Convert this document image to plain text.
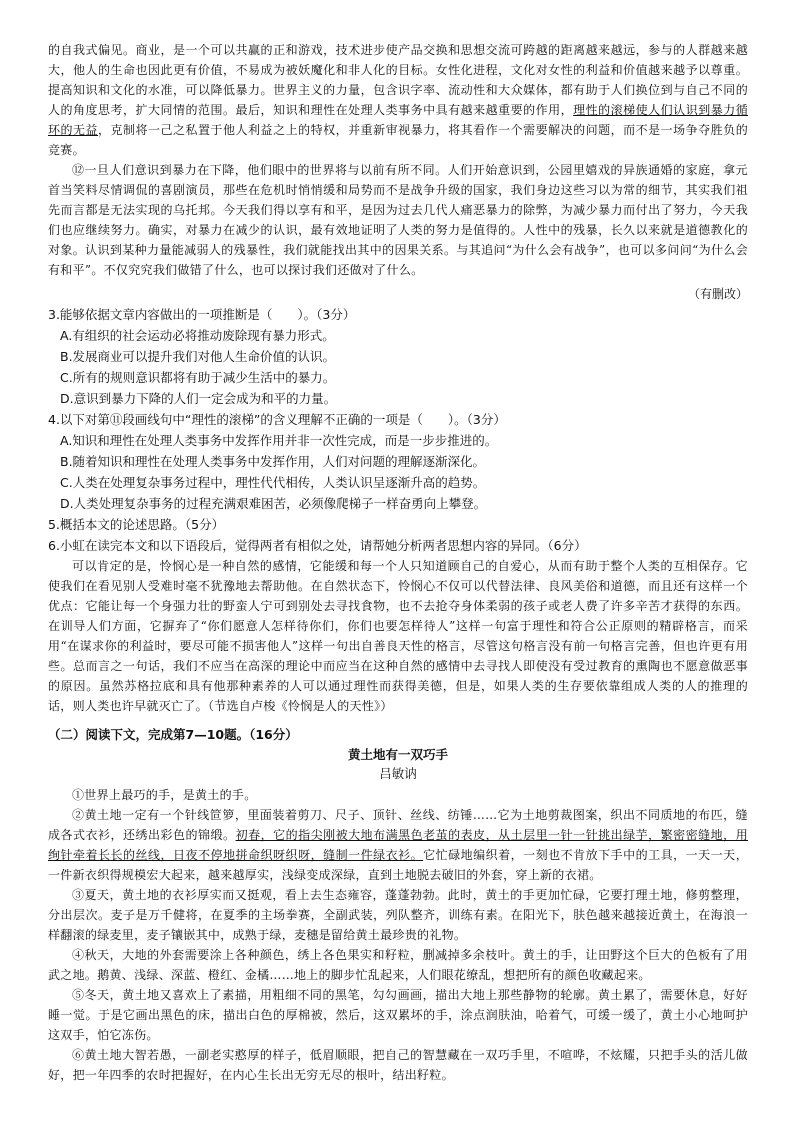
的自我式偏见。商业，是一个可以共赢的正和游戏，技术进步使产品交换和思想交流可跨越的距离越来越远，参与的人群越来越大，他人的生命也因此更有价值，不易成为被妖魔化和非人化的目标。女性化进程，文化对女性的利益和价值越来越予以尊重。提高知识和文化的水准，可以降低暴力。世界主义的力量，包含识字率、流动性和大众媒体，都有助于人们换位到与自己不同的人的角度思考，扩大同情的范围。最后，知识和理性在处理人类事务中具有越来越重要的作用，理性的滚梯使人们认识到暴力循环的无益，克制将一己之私置于他人利益之上的特权，并重新审视暴力，将其看作一个需要解决的问题，而不是一场争夺胜负的竞赛。

⑫一旦人们意识到暴力在下降，他们眼中的世界将与以前有所不同。人们开始意识到，公园里嬉戏的异族通婚的家庭，拿元首当笑料尽情调侃的喜剧演员，那些在危机时悄悄缓和局势而不是战争升级的国家，我们身边这些习以为常的细节，其实我们祖先而言都是无法实现的乌托邦。今天我们得以享有和平，是因为过去几代人痛恶暴力的除弊，为减少暴力而付出了努力，今天我们也应继续努力。确实，对暴力在减少的认识，最有效地证明了人类的努力是值得的。人性中的残暴，长久以来就是道德教化的对象。认识到某种力量能减弱人的残暴性，我们就能找出其中的因果关系。与其追问“为什么会有战争”，也可以多问问“为什么会有和平”。不仅究究我们做错了什么，也可以探讨我们还做对了什么。

（有删改）

3.能够依据文章内容做出的一项推断是（　　）。（3分）

A.有组织的社会运动必将推动废除现有暴力形式。

B.发展商业可以提升我们对他人生命价值的认识。

C.所有的规则意识都将有助于减少生活中的暴力。

D.意识到暴力下降的人们一定会成为和平的力量。

4.以下对第⑪段画线句中“理性的滚梯”的含义理解不正确的一项是（　　）。（3分）

A.知识和理性在处理人类事务中发挥作用并非一次性完成，而是一步步推进的。

B.随着知识和理性在处理人类事务中发挥作用，人们对问题的理解逐渐深化。

C.人类在处理复杂事务过程中，理性代代相传，人类认识呈逐渐升高的趋势。

D.人类处理复杂事务的过程充满艰难困苦，必须像爬梯子一样奋勇向上攀登。

5.概括本文的论述思路。（5分）

6.小虹在读完本文和以下语段后，觉得两者有相似之处，请帮她分析两者思想内容的异同。（6分）

可以肯定的是，怜悯心是一种自然的感情，它能缓和每一个人只知道顾自己的自爱心，从而有助于整个人类的互相保存。它使我们在看见别人受难时毫不犹豫地去帮助他。在自然状态下，怜悯心不仅可以代替法律、良风美俗和道德，而且还有这样一个优点：它能让每一个身强力壮的野蛮人宁可到别处去寻找食物，也不去抢夺身体柔弱的孩子或老人费了许多辛苦才获得的东西。在训导人们方面，它摒弃了“你们愿意人怎样待你们，你们也要怎样待人”这样一句富于理性和符合公正原则的精辟格言，而采用“在谋求你的利益时，要尽可能不损害他人”这样一句出自善良天性的格言，尽管这句格言没有前一句格言完善，但也许更有用些。总而言之一句话，我们不应当在高深的理论中而应当在这种自然的感情中去寻找人即使没有受过教育的熏陶也不愿意做恶事的原因。虽然苏格拉底和具有他那种素养的人可以通过理性而获得美德，但是，如果人类的生存要依靠组成人类的人的推理的话，则人类也许早就灭亡了。（节选自卢梭《怜悯是人的天性》）

（二）阅读下文，完成第7—10题。（16分）

黄土地有一双巧手

吕敏讷

①世界上最巧的手，是黄土的手。

②黄土地一定有一个针线笸箩，里面装着剪刀、尺子、顶针、丝线、纺锤……它为土地剪裁图案，织出不同质地的布匹，缝成各式衣衫，还绣出彩色的锦缎。初春，它的指尖刚被大地布满黑色老茧的表皮，从土层里一针一针挑出绿芋，繁密密缝地，用绚针牵着长长的丝线，日夜不停地拼命织呀织呀，缝制一件绿衣衫。它忙碌地编织着，一刻也不肯放下手中的工具，一天一天，一件新衣织得规模宏大起来，越来越厚实，浅绿变成深绿，直到土地脱去破旧的外套，穿上新的衣裙。

③夏天，黄土地的衣衫厚实而又挺观，看上去生态雍容，蓬蓬勃勃。此时，黄土的手更加忙碌，它要打理土地，修剪整理，分出层次。麦子是万千健将，在夏季的主场拳赛，全副武装，列队整齐，训练有素。在阳光下，肤色越来越接近黄土，在海浪一样翻滚的绿麦里，麦子镶嵌其中，成熟于绿，麦穗是留给黄土最珍贵的礼物。

④秋天，大地的外套需要涂上各种颜色，绣上各色果实和籽粒，删减掉多余枝叶。黄土的手，让田野这个巨大的色板有了用武之地。鹅黄、浅绿、深蓝、橙红、金橘……地上的脚步忙乱起来，人们眼花缭乱，想把所有的颜色收藏起来。

⑤冬天，黄土地又喜欢上了素描，用粗细不同的黑笔，勾勾画画，描出大地上那些静物的轮廓。黄土累了，需要休息，好好睡一觉。于是它画出黑色的床，描出白色的厚棉被，然后，这双累坏的手，涂点润肤油，哈着气，可缓一缓了，黄土小心地呵护这双手，怕它冻伤。

⑥黄土地大智若愚，一副老实憨厚的样子，低眉顺眼，把自己的智慧藏在一双巧手里，不喧哗，不炫耀，只把手头的活儿做好，把一年四季的农时把握好，在内心生长出无穷无尽的根叶，结出籽粒。
